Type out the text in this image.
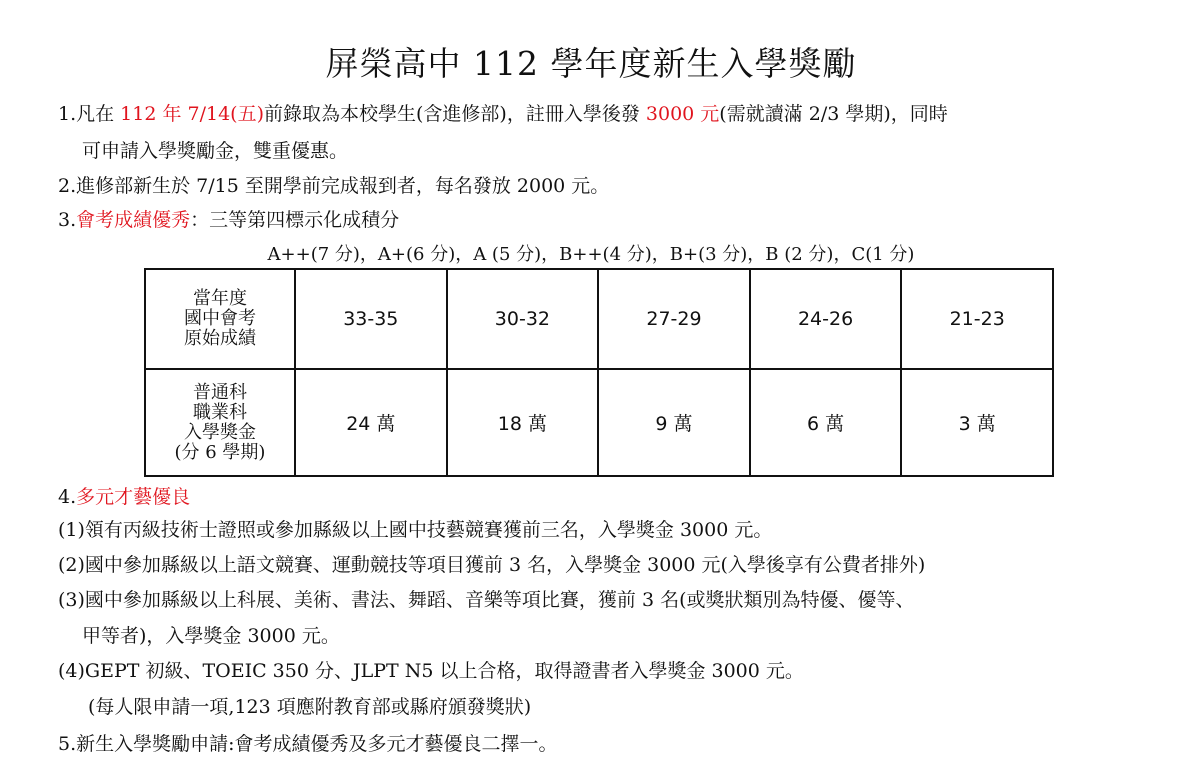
屏榮高中 112 學年度新生入學獎勵
1.凡在 112 年 7/14(五)前錄取為本校學生(含進修部)，註冊入學後發 3000 元(需就讀滿 2/3 學期)，同時
可申請入學獎勵金，雙重優惠。
2.進修部新生於 7/15 至開學前完成報到者，每名發放 2000 元。
3.會考成績優秀：三等第四標示化成積分
A++(7 分)，A+(6 分)，A (5 分)，B++(4 分)，B+(3 分)，B (2 分)，C(1 分)
當年度
國中會考
原始成績	33-35	30-32	27-29	24-26	21-23
普通科
職業科
入學獎金
(分 6 學期)	24 萬	18 萬	9 萬	6 萬	3 萬
4.多元才藝優良
(1)領有丙級技術士證照或參加縣級以上國中技藝競賽獲前三名，入學獎金 3000 元。
(2)國中參加縣級以上語文競賽、運動競技等項目獲前 3 名，入學獎金 3000 元(入學後享有公費者排外)
(3)國中參加縣級以上科展、美術、書法、舞蹈、音樂等項比賽，獲前 3 名(或獎狀類別為特優、優等、
甲等者)，入學獎金 3000 元。
(4)GEPT 初級、TOEIC 350 分、JLPT N5 以上合格，取得證書者入學獎金 3000 元。
(每人限申請一項,123 項應附教育部或縣府頒發獎狀)
5.新生入學獎勵申請:會考成績優秀及多元才藝優良二擇一。
